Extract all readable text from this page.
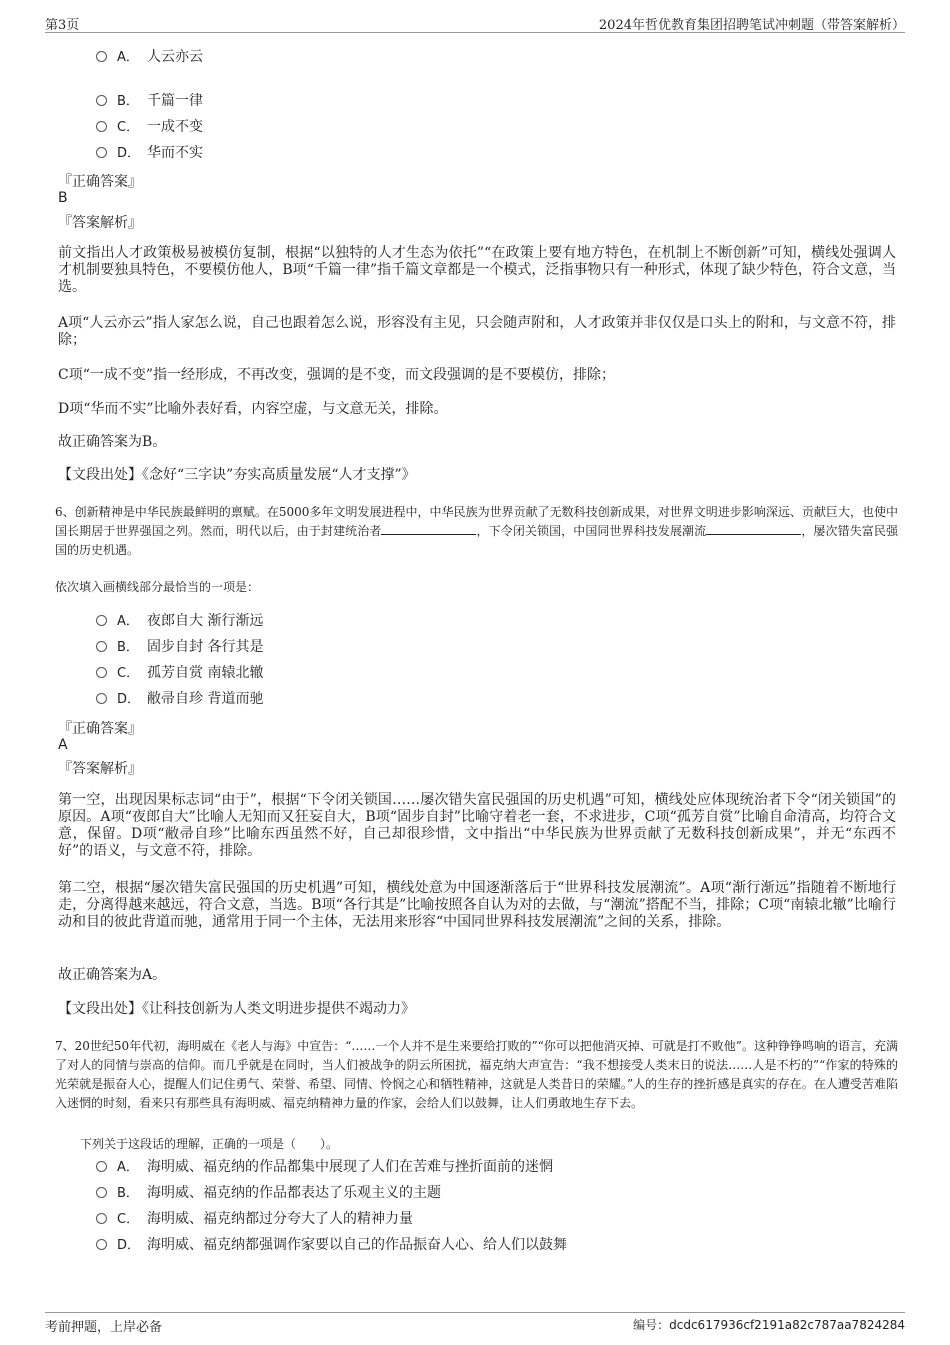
第3页	2024年哲优教育集团招聘笔试冲刺题（带答案解析）
A． 人云亦云
B． 千篇一律
C． 一成不变
D． 华而不实
『正确答案』
B
『答案解析』
前文指出人才政策极易被模仿复制，根据“以独特的人才生态为依托”“在政策上要有地方特色，在机制上不断创新”可知，横线处强调人才机制要独具特色，不要模仿他人，B项“千篇一律”指千篇文章都是一个模式，泛指事物只有一种形式，体现了缺少特色，符合文意，当选。
A项“人云亦云”指人家怎么说，自己也跟着怎么说，形容没有主见，只会随声附和，人才政策并非仅仅是口头上的附和，与文意不符，排除；
C项“一成不变”指一经形成，不再改变，强调的是不变，而文段强调的是不要模仿，排除；
D项“华而不实”比喻外表好看，内容空虚，与文意无关，排除。
故正确答案为B。
【文段出处】《念好“三字诀”夯实高质量发展“人才支撑”》
6、创新精神是中华民族最鲜明的禀赋。在5000多年文明发展进程中，中华民族为世界贡献了无数科技创新成果，对世界文明进步影响深远、贡献巨大，也使中国长期居于世界强国之列。然而，明代以后，由于封建统治者	，下令闭关锁国，中国同世界科技发展潮流	，屡次错失富民强国的历史机遇。
依次填入画横线部分最恰当的一项是：
A． 夜郎自大 渐行渐远
B． 固步自封 各行其是
C． 孤芳自赏 南辕北辙
D． 敝帚自珍 背道而驰
『正确答案』
A
『答案解析』
第一空，出现因果标志词“由于”，根据“下令闭关锁国……屡次错失富民强国的历史机遇”可知，横线处应体现统治者下令“闭关锁国”的原因。A项“夜郎自大”比喻人无知而又狂妄自大，B项“固步自封”比喻守着老一套，不求进步，C项“孤芳自赏”比喻自命清高，均符合文意，保留。D项“敝帚自珍”比喻东西虽然不好，自己却很珍惜，文中指出“中华民族为世界贡献了无数科技创新成果”，并无“东西不好”的语义，与文意不符，排除。
第二空，根据“屡次错失富民强国的历史机遇”可知，横线处意为中国逐渐落后于“世界科技发展潮流”。A项“渐行渐远”指随着不断地行走，分离得越来越远，符合文意，当选。B项“各行其是”比喻按照各自认为对的去做，与“潮流”搭配不当，排除；C项“南辕北辙”比喻行动和目的彼此背道而驰，通常用于同一个主体，无法用来形容“中国同世界科技发展潮流”之间的关系，排除。
故正确答案为A。
【文段出处】《让科技创新为人类文明进步提供不竭动力》
7、20世纪50年代初，海明威在《老人与海》中宣告：“……一个人并不是生来要给打败的”“你可以把他消灭掉、可就是打不败他”。这种铮铮鸣响的语言，充满了对人的同情与崇高的信仰。而几乎就是在同时，当人们被战争的阴云所困扰，福克纳大声宣告：“我不想接受人类末日的说法……人是不朽的”“作家的特殊的光荣就是振奋人心，提醒人们记住勇气、荣誉、希望、同情、怜悯之心和牺牲精神，这就是人类昔日的荣耀。”人的生存的挫折感是真实的存在。在人遭受苦难陷入迷惘的时刻，看来只有那些具有海明威、福克纳精神力量的作家，会给人们以鼓舞，让人们勇敢地生存下去。
下列关于这段话的理解，正确的一项是（　　）。
A． 海明威、福克纳的作品都集中展现了人们在苦难与挫折面前的迷惘
B． 海明威、福克纳的作品都表达了乐观主义的主题
C． 海明威、福克纳都过分夸大了人的精神力量
D． 海明威、福克纳都强调作家要以自己的作品振奋人心、给人们以鼓舞
考前押题，上岸必备	编号：dcdc617936cf2191a82c787aa7824284
